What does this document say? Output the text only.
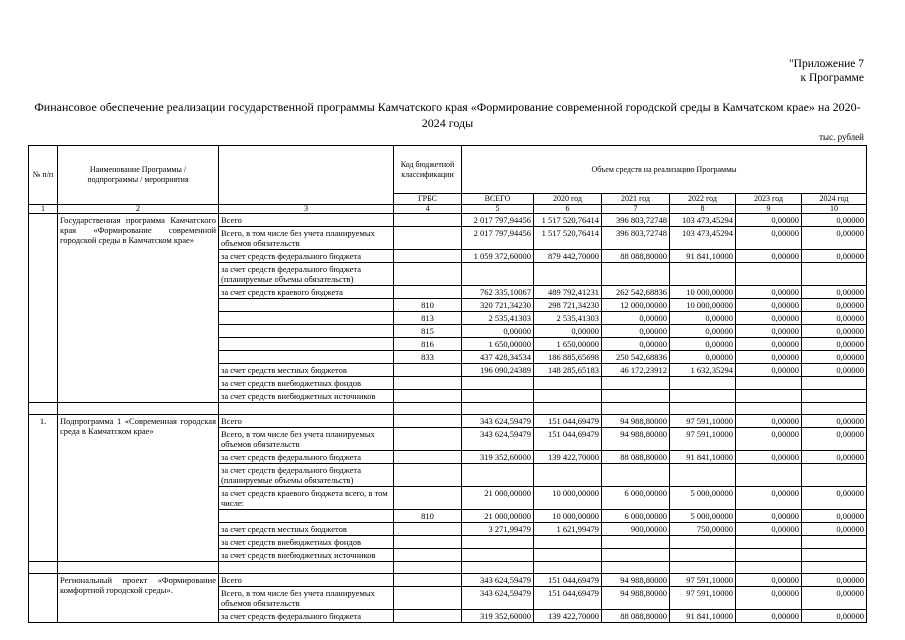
"Приложение 7
к Программе
Финансовое обеспечение реализации государственной программы Камчатского края «Формирование современной городской среды в Камчатском крае» на 2020-
2024 годы
тыс. рублей
№ п/п	Наименование Программы / подпрограммы / мероприятия		Код бюджетной классификации	Объем средств на реализацию Программы					
			ГРБС	ВСЕГО	2020 год	2021 год	2022 год	2023 год	2024 год
1	2	3	4	5	6	7	8	9	10
	Государственная программа Камчатского края «Формирование современной городской среды в Камчатском крае»	Всего		2 017 797,94456	1 517 520,76414	396 803,72748	103 473,45294	0,00000	0,00000
		Всего, в том числе без учета планируемых объемов обязательств		2 017 797,94456	1 517 520,76414	396 803,72748	103 473,45294	0,00000	0,00000
		за счет средств федерального бюджета		1 059 372,60000	879 442,70000	88 088,80000	91 841,10000	0,00000	0,00000
		за счет средств федерального бюджета (планируемые объемы обязательств)							
		за счет средств краевого бюджета		762 335,10067	489 792,41231	262 542,68836	10 000,00000	0,00000	0,00000
			810	320 721,34230	298 721,34230	12 000,00000	10 000,00000	0,00000	0,00000
			813	2 535,41303	2 535,41303	0,00000	0,00000	0,00000	0,00000
			815	0,00000	0,00000	0,00000	0,00000	0,00000	0,00000
			816	1 650,00000	1 650,00000	0,00000	0,00000	0,00000	0,00000
			833	437 428,34534	186 885,65698	250 542,68836	0,00000	0,00000	0,00000
		за счет средств местных бюджетов		196 090,24389	148 285,65183	46 172,23912	1 632,35294	0,00000	0,00000
		за счет средств внебюджетных фондов							
		за счет средств внебюджетных источников							

1.	Подпрограмма 1 «Современная городская среда в Камчатском крае»	Всего		343 624,59479	151 044,69479	94 988,80000	97 591,10000	0,00000	0,00000
		Всего, в том числе без учета планируемых объемов обязательств		343 624,59479	151 044,69479	94 988,80000	97 591,10000	0,00000	0,00000
		за счет средств федерального бюджета		319 352,60000	139 422,70000	88 088,80000	91 841,10000	0,00000	0,00000
		за счет средств федерального бюджета (планируемые объемы обязательств)							
		за счет средств краевого бюджета всего, в том числе:		21 000,00000	10 000,00000	6 000,00000	5 000,00000	0,00000	0,00000
			810	21 000,00000	10 000,00000	6 000,00000	5 000,00000	0,00000	0,00000
		за счет средств местных бюджетов		3 271,99479	1 621,99479	900,00000	750,00000	0,00000	0,00000
		за счет средств внебюджетных фондов							
		за счет средств внебюджетных источников							

	Региональный проект «Формирование комфортной городской среды».	Всего		343 624,59479	151 044,69479	94 988,80000	97 591,10000	0,00000	0,00000
		Всего, в том числе без учета планируемых объемов обязательств		343 624,59479	151 044,69479	94 988,80000	97 591,10000	0,00000	0,00000
		за счет средств федерального бюджета		319 352,60000	139 422,70000	88 088,80000	91 841,10000	0,00000	0,00000
